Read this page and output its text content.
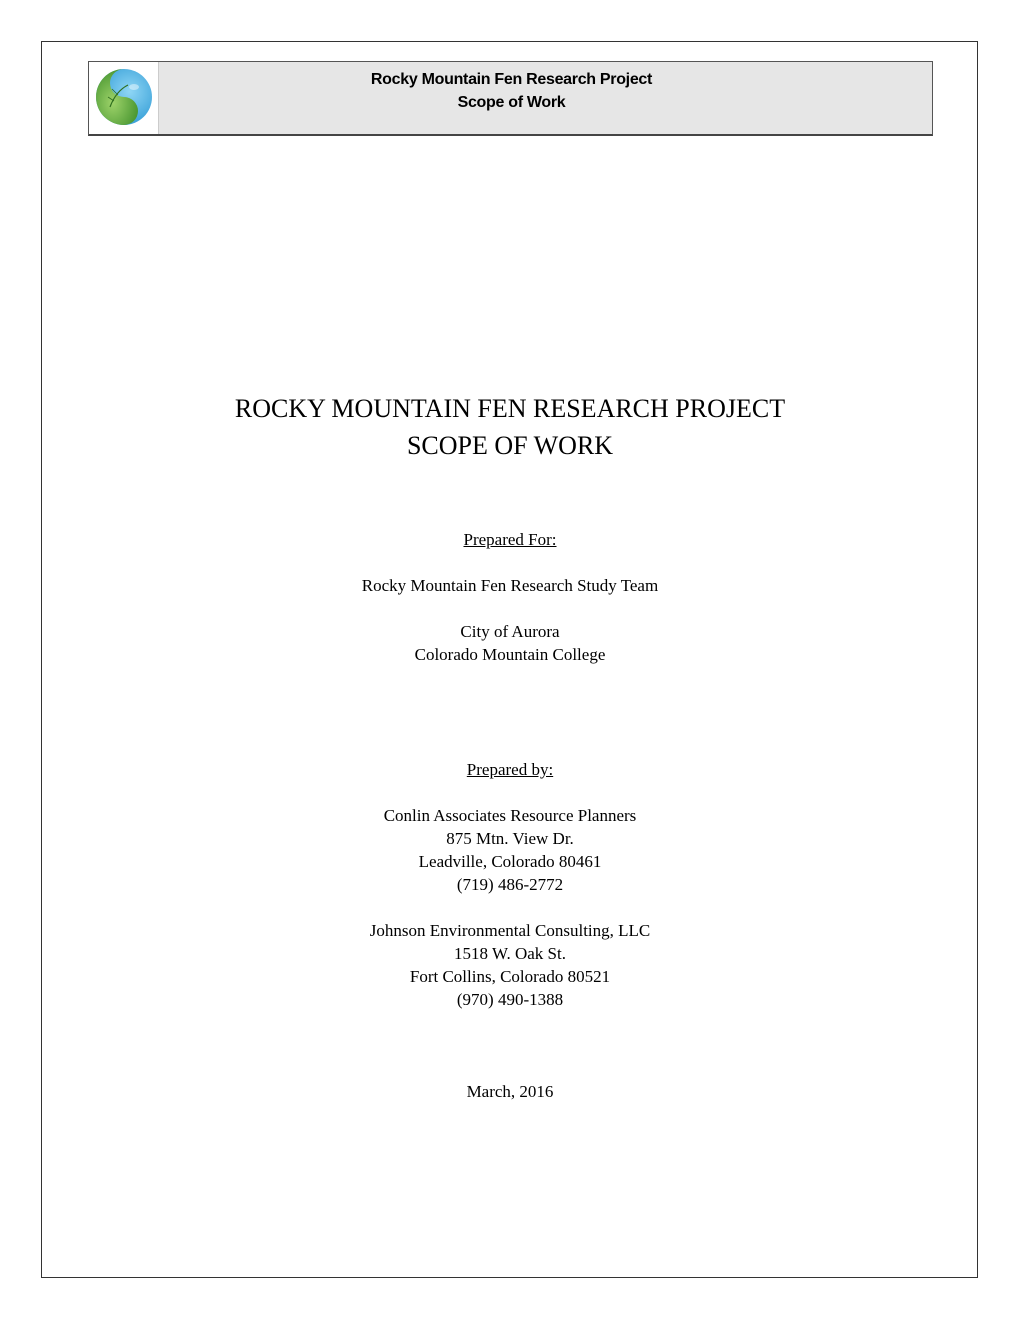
Rocky Mountain Fen Research Project
Scope of Work
ROCKY MOUNTAIN FEN RESEARCH PROJECT
SCOPE OF WORK
Prepared For:
Rocky Mountain Fen Research Study Team
City of Aurora
Colorado Mountain College
Prepared by:
Conlin Associates Resource Planners
875 Mtn. View Dr.
Leadville, Colorado 80461
(719) 486-2772
Johnson Environmental Consulting, LLC
1518 W. Oak St.
Fort Collins, Colorado 80521
(970) 490-1388
March, 2016
